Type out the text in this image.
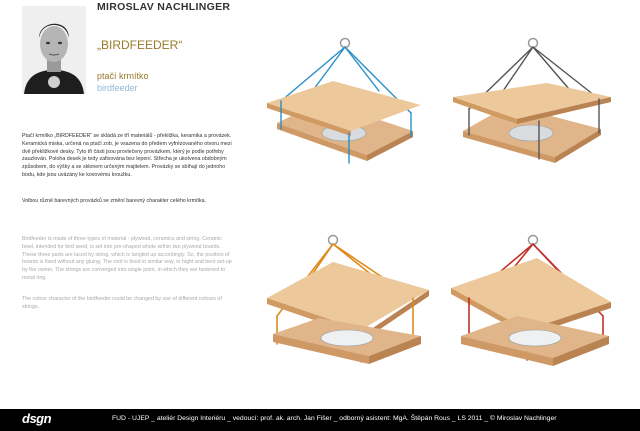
MIROSLAV NACHLINGER
„BIRDFEEDER“
ptačí krmítko
birdfeeder
Ptačí krmítko „BIRDFEEDER“ se skládá ze tří materiálů - překližka, keramika a provázek. Keramická miska, určená na ptačí zob, je vsazena do předem vyfrézovaného otvoru mezi dvě překližkové desky. Tyto tři části jsou provlečeny provázkem, který je podle potřeby zauzlován. Poloha desek je tedy zafixována bez lepení. Střecha je ukotvena obdobným způsobem, do výšky a se sklonem určeným majitelem. Provázky se sbíhají do jednoho bodu, kde jsou uvázány ke kovovému kroužku.
Volbou různě barevných provázků se změní barevný charakter celého krmítka.
Birdfeeder is made of three types of material - plywood, ceramics and string. Ceramic bowl, intended for bird seed, is set into pre-shaped whole within two plywood boards. These three parts are laced by string, which is tangled up accordingly. So, the position of boards is fixed without any gluing. The roof is fixed in similar way, in hight and bent set-up by the owner. The strings are converged into single point, in which they are fastened to metal ring.
The colour character of the birdfeeder could be changed by use of different colours of strings.
dsgn	FUD - UJEP _ ateliér Design Interiéru _ vedoucí: prof. ak. arch. Jan Fišer _ odborný asistent: MgA. Štěpán Rous _ LS 2011 _ © Miroslav Nachlinger
